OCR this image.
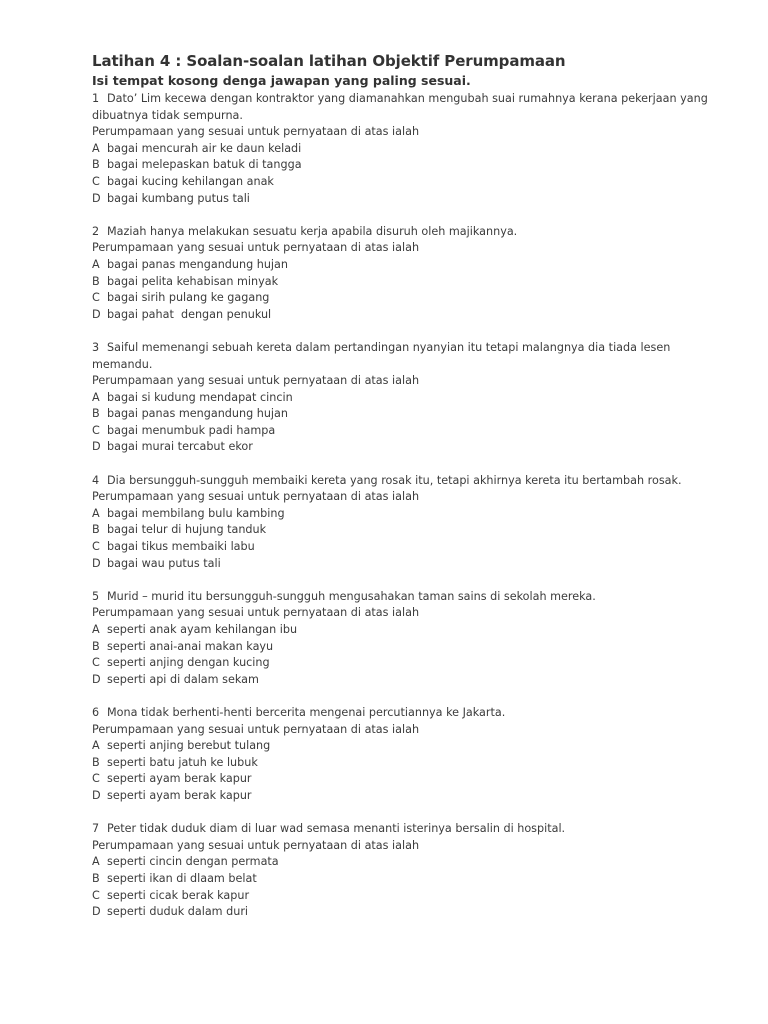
Latihan 4 : Soalan-soalan latihan Objektif Perumpamaan
Isi tempat kosong denga jawapan yang paling sesuai.
1 Dato’ Lim kecewa dengan kontraktor yang diamanahkan mengubah suai rumahnya kerana pekerjaan yang dibuatnya tidak sempurna.
Perumpamaan yang sesuai untuk pernyataan di atas ialah
A bagai mencurah air ke daun keladi
B bagai melepaskan batuk di tangga
C bagai kucing kehilangan anak
D bagai kumbang putus tali
2 Maziah hanya melakukan sesuatu kerja apabila disuruh oleh majikannya.
Perumpamaan yang sesuai untuk pernyataan di atas ialah
A bagai panas mengandung hujan
B bagai pelita kehabisan minyak
C bagai sirih pulang ke gagang
D bagai pahat  dengan penukul
3 Saiful memenangi sebuah kereta dalam pertandingan nyanyian itu tetapi malangnya dia tiada lesen memandu.
Perumpamaan yang sesuai untuk pernyataan di atas ialah
A bagai si kudung mendapat cincin
B bagai panas mengandung hujan
C bagai menumbuk padi hampa
D bagai murai tercabut ekor
4 Dia bersungguh-sungguh membaiki kereta yang rosak itu, tetapi akhirnya kereta itu bertambah rosak.
Perumpamaan yang sesuai untuk pernyataan di atas ialah
A bagai membilang bulu kambing
B bagai telur di hujung tanduk
C bagai tikus membaiki labu
D bagai wau putus tali
5 Murid – murid itu bersungguh-sungguh mengusahakan taman sains di sekolah mereka.
Perumpamaan yang sesuai untuk pernyataan di atas ialah
A seperti anak ayam kehilangan ibu
B seperti anai-anai makan kayu
C seperti anjing dengan kucing
D seperti api di dalam sekam
6 Mona tidak berhenti-henti bercerita mengenai percutiannya ke Jakarta.
Perumpamaan yang sesuai untuk pernyataan di atas ialah
A seperti anjing berebut tulang
B seperti batu jatuh ke lubuk
C seperti ayam berak kapur
D seperti ayam berak kapur
7 Peter tidak duduk diam di luar wad semasa menanti isterinya bersalin di hospital.
Perumpamaan yang sesuai untuk pernyataan di atas ialah
A seperti cincin dengan permata
B seperti ikan di dlaam belat
C seperti cicak berak kapur
D seperti duduk dalam duri
